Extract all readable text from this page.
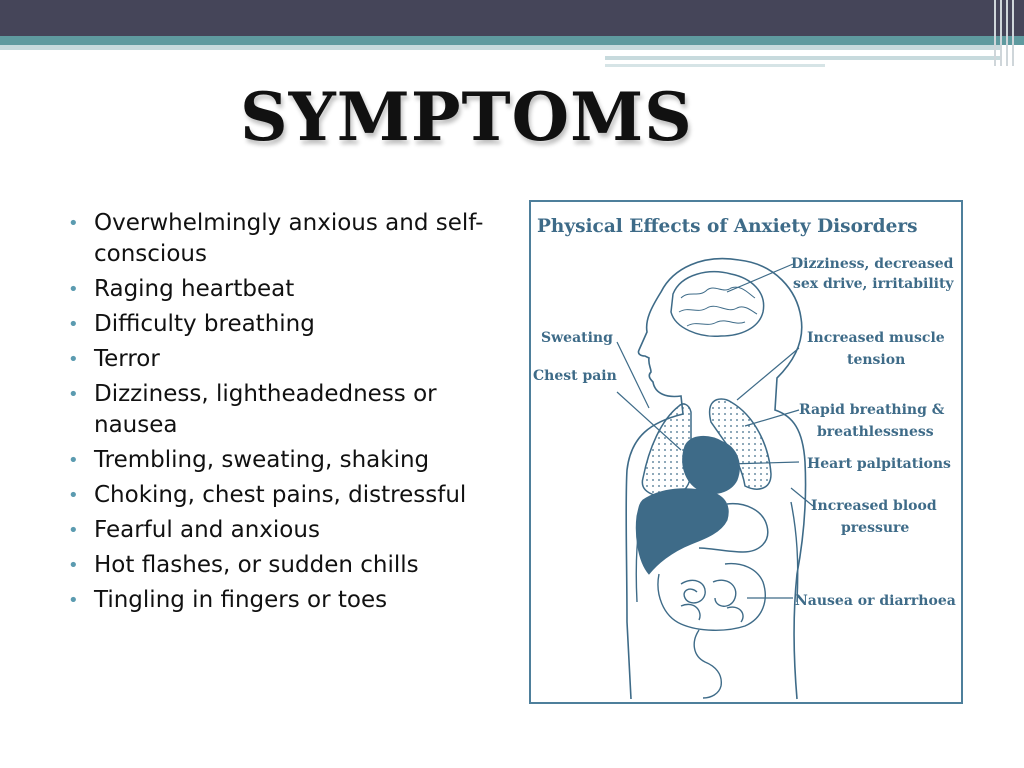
SYMPTOMS
• Overwhelmingly anxious and self-conscious
• Raging heartbeat
• Difficulty breathing
• Terror
• Dizziness, lightheadedness or nausea
• Trembling, sweating, shaking
• Choking, chest pains, distressful
• Fearful and anxious
• Hot flashes, or sudden chills
• Tingling in fingers or toes
Physical Effects of Anxiety Disorders
Dizziness, decreased
sex drive, irritability
Sweating	Increased muscle
tension
Chest pain
Rapid breathing &
breathlessness
Heart palpitations
Increased blood
pressure
Nausea or diarrhoea
